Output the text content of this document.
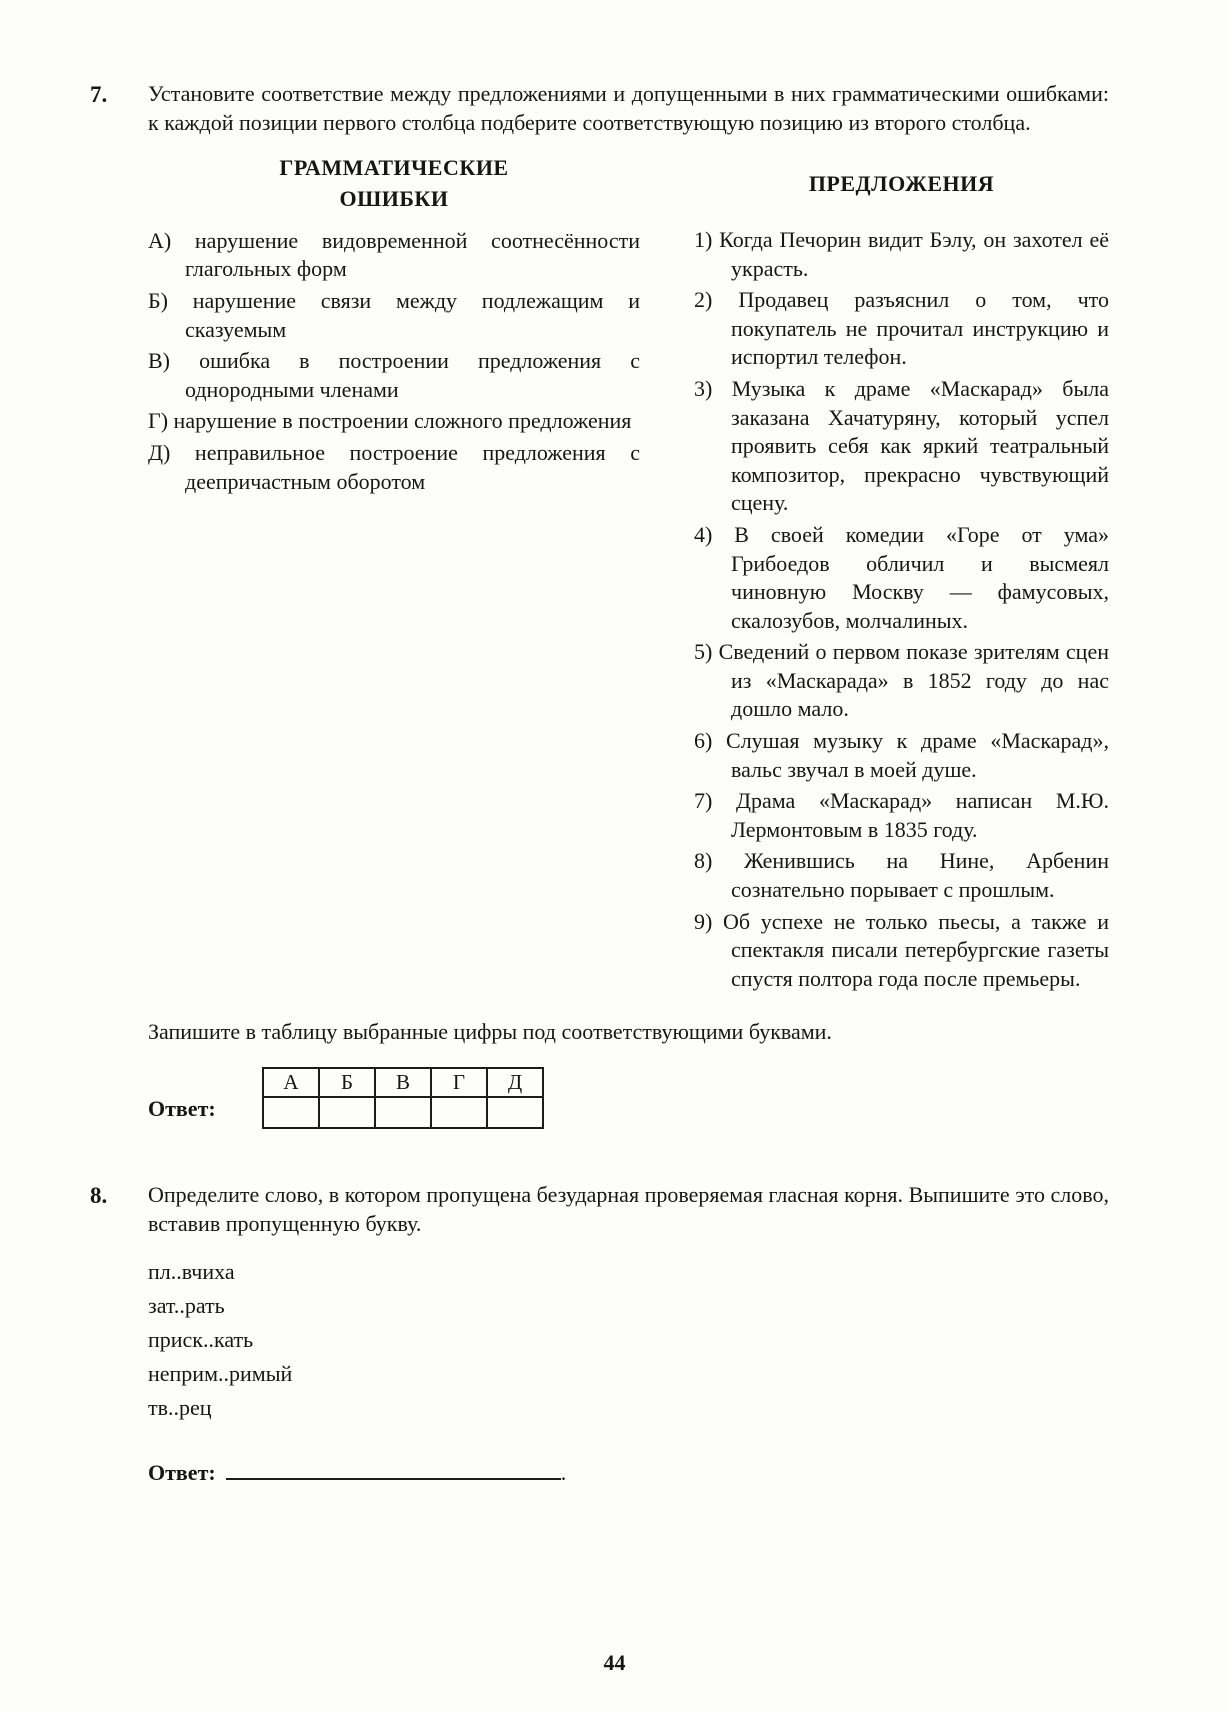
7.	Установите соответствие между предложениями и допущенными в них грамматическими ошибками: к каждой позиции первого столбца подберите соответствующую позицию из второго столбца.

ГРАММАТИЧЕСКИЕ
ОШИБКИ
А) нарушение видовременной соотнесённости глагольных форм
Б) нарушение связи между подлежащим и сказуемым
В) ошибка в построении предложения с однородными членами
Г) нарушение в построении сложного предложения
Д) неправильное построение предложения с деепричастным оборотом
ПРЕДЛОЖЕНИЯ
1) Когда Печорин видит Бэлу, он захотел её украсть.
2) Продавец разъяснил о том, что покупатель не прочитал инструкцию и испортил телефон.
3) Музыка к драме «Маскарад» была заказана Хачатуряну, который успел проявить себя как яркий театральный композитор, прекрасно чувствующий сцену.
4) В своей комедии «Горе от ума» Грибоедов обличил и высмеял чиновную Москву — фамусовых, скалозубов, молчалиных.
5) Сведений о первом показе зрителям сцен из «Маскарада» в 1852 году до нас дошло мало.
6) Слушая музыку к драме «Маскарад», вальс звучал в моей душе.
7) Драма «Маскарад» написан М.Ю. Лермонтовым в 1835 году.
8) Женившись на Нине, Арбенин сознательно порывает с прошлым.
9) Об успехе не только пьесы, а также и спектакля писали петербургские газеты спустя полтора года после премьеры.

Запишите в таблицу выбранные цифры под соответствующими буквами.

Ответ:
А	Б	В	Г	Д

8.	Определите слово, в котором пропущена безударная проверяемая гласная корня. Выпишите это слово, вставив пропущенную букву.

пл..вчиха
зат..рать
приск..кать
неприм..римый
тв..рец
Ответ:	.
44
